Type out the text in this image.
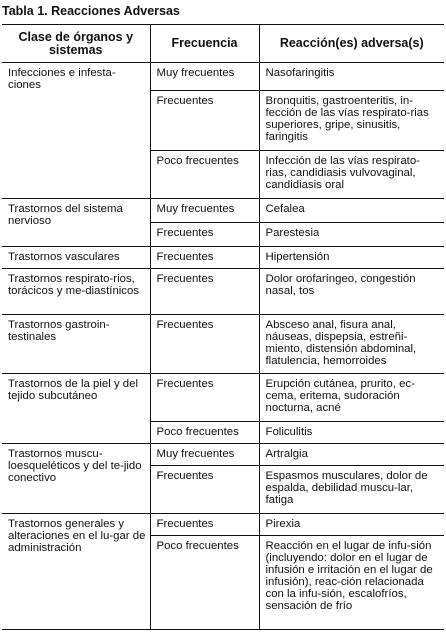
Tabla 1. Reacciones Adversas
Clase de órganos y sistemas	Frecuencia	Reacción(es) adversa(s)
Infecciones e infesta-ciones	Muy frecuentes	Nasofaringitis
	Frecuentes	Bronquitis, gastroenteritis, in-fección de las vías respirato-rias superiores, gripe, sinusitis, faringitis
	Poco frecuentes	Infección de las vías respirato-rias, candidiasis vulvovaginal, candidiasis oral
Trastornos del sistema nervioso	Muy frecuentes	Cefalea
	Frecuentes	Parestesia
Trastornos vasculares	Frecuentes	Hipertensión
Trastornos respirato-rios, torácicos y me-diastínicos	Frecuentes	Dolor orofaríngeo, congestión nasal, tos
Trastornos gastroin-testinales	Frecuentes	Absceso anal, fisura anal, náuseas, dispepsia, estreñi-miento, distensión abdominal, flatulencia, hemorroides
Trastornos de la piel y del tejido subcutáneo	Frecuentes	Erupción cutánea, prurito, ec-cema, eritema, sudoración nocturna, acné
	Poco frecuentes	Foliculitis
Trastornos muscu-loesqueléticos y del te-jido conectivo	Muy frecuentes	Artralgia
	Frecuentes	Espasmos musculares, dolor de espalda, debilidad muscu-lar, fatiga
Trastornos generales y alteraciones en el lu-gar de administración	Frecuentes	Pirexia
	Poco frecuentes	Reacción en el lugar de infu-sión (incluyendo: dolor en el lugar de infusión e irritación en el lugar de infusión), reac-ción relacionada con la infu-sión, escalofríos, sensación de frío
